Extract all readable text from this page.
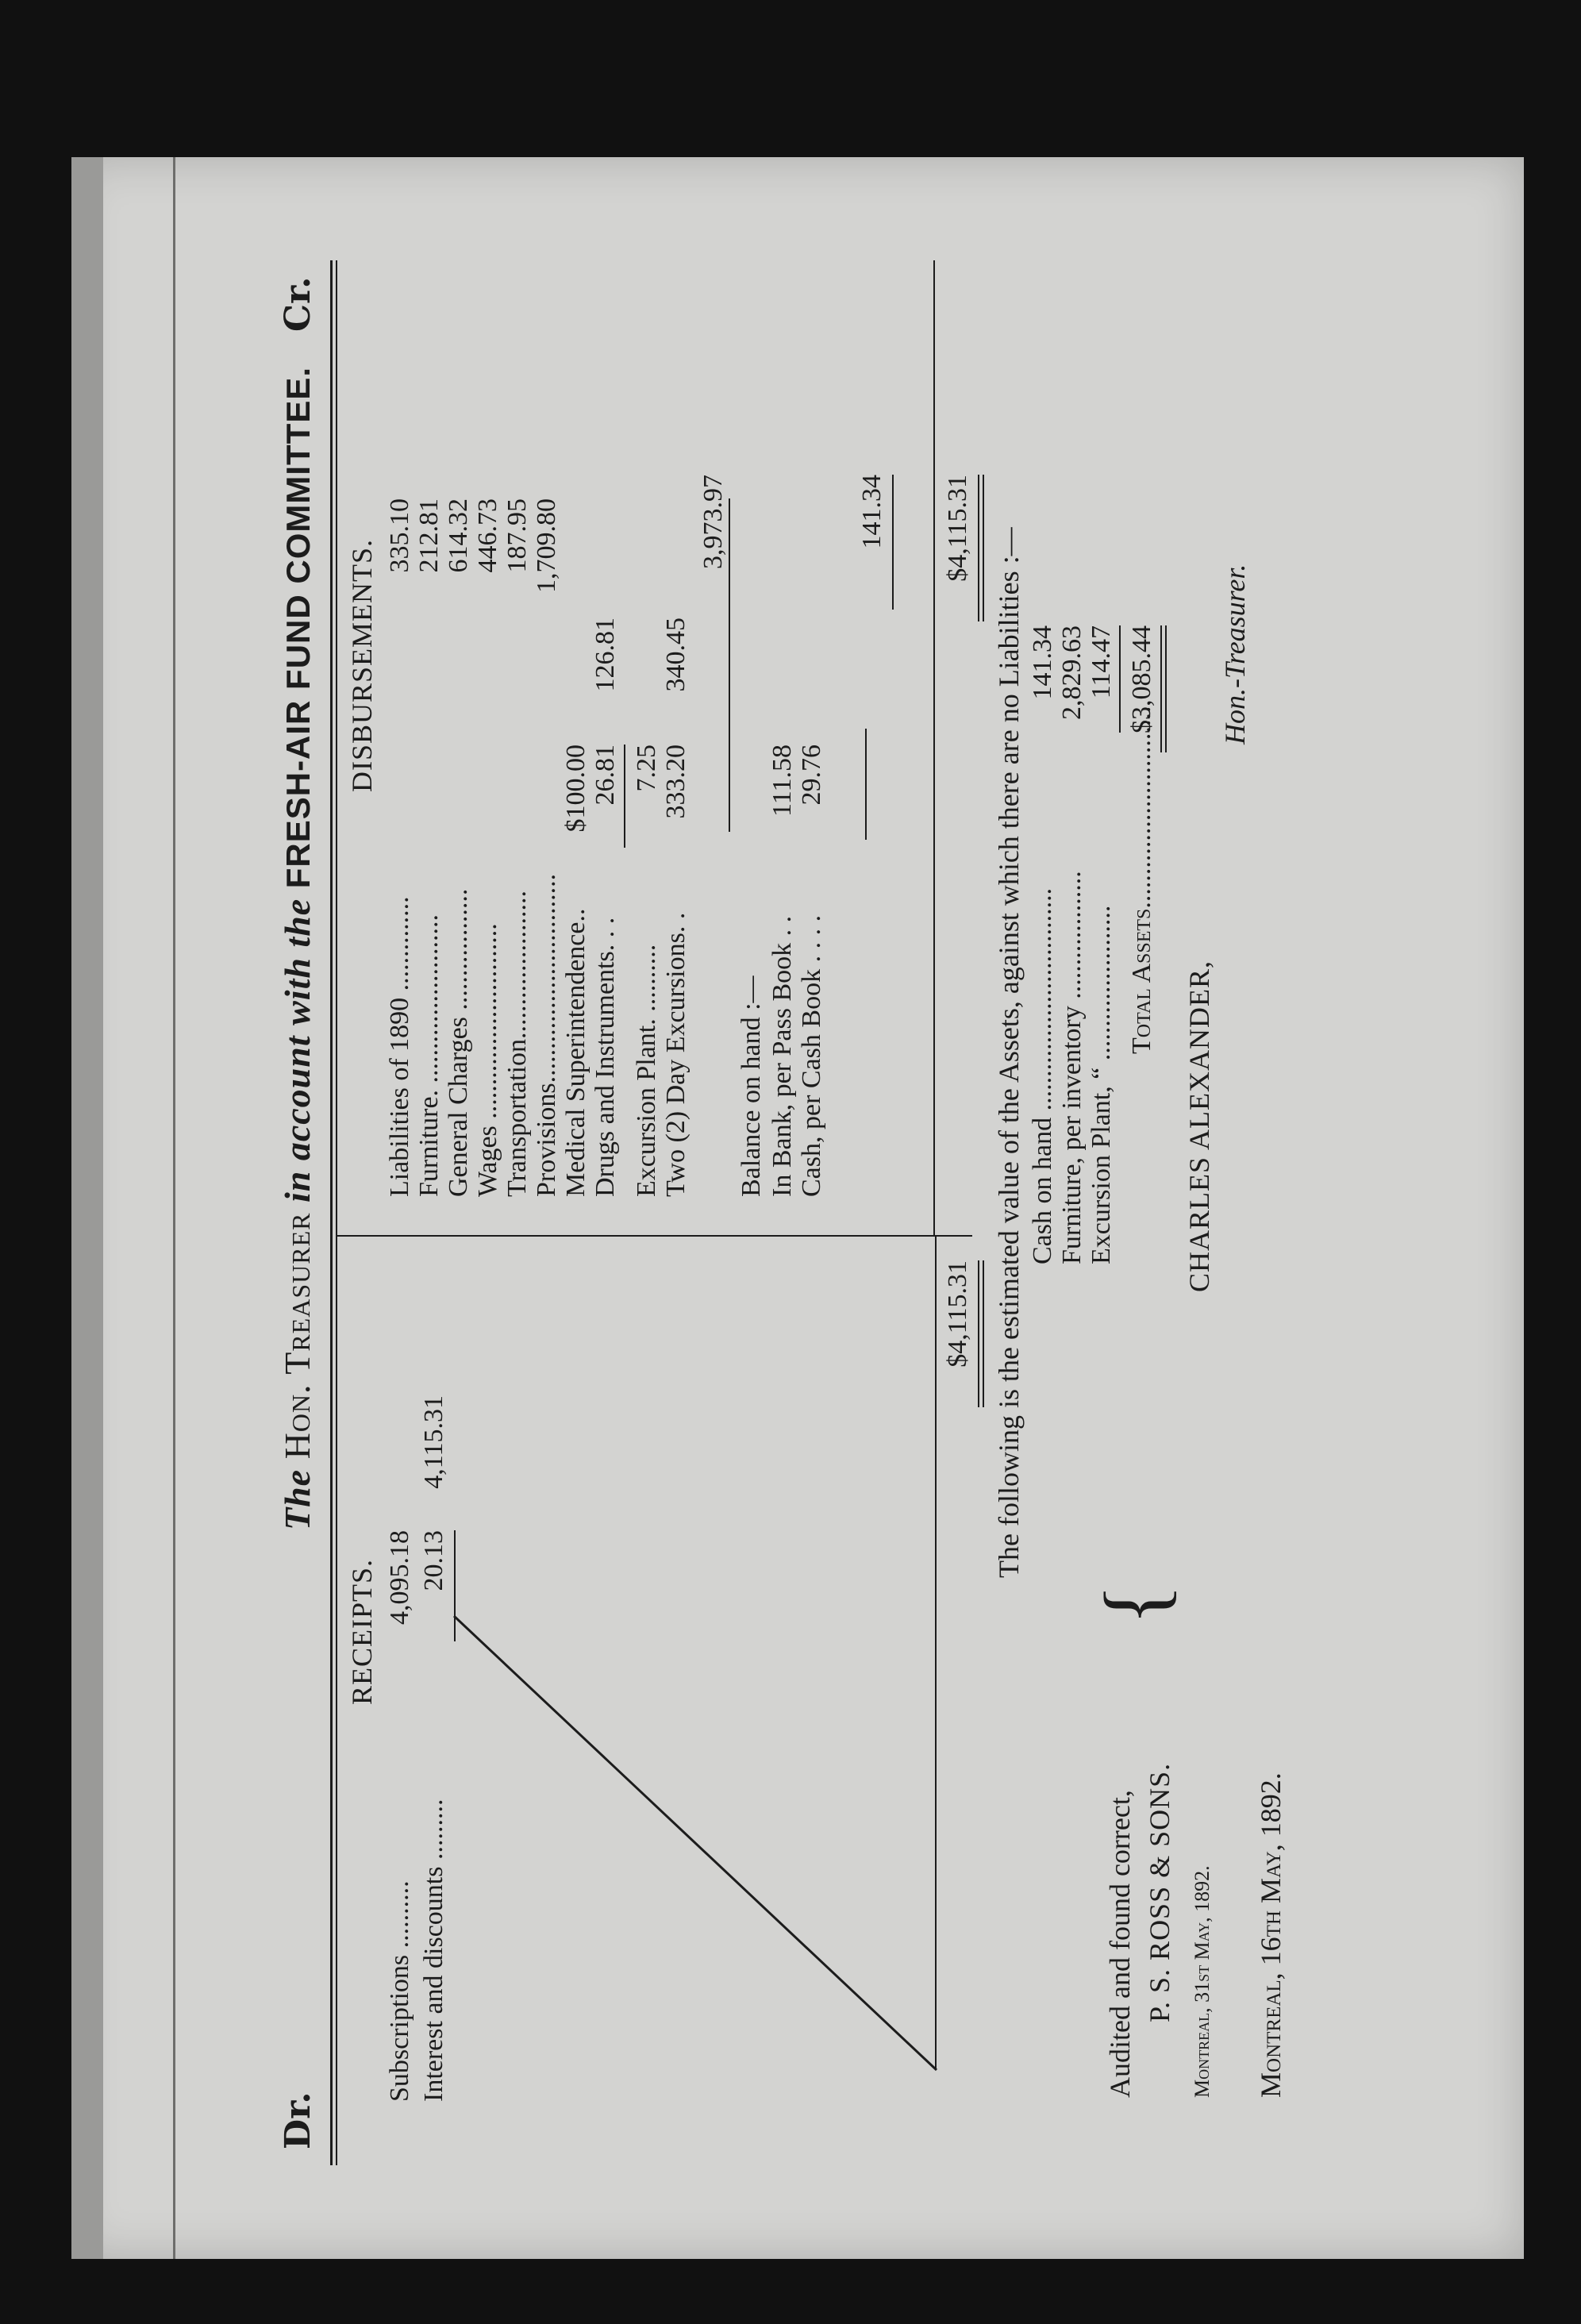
Dr.
The Hon. Treasurer in account with the FRESH-AIR FUND COMMITTEE.
Cr.
RECEIPTS.
Subscriptions ..........
4,095.18
Interest and discounts .........
20.13
4,115.31
$4,115.31
DISBURSEMENTS.
Liabilities of 1890 ..............
335.10
Furniture. .........................
212.81
General Charges ..................
614.32
Wages .............................
446.73
Transportation......................
187.95
Provisions...............................
1,709.80
Medical Superintendence..
$100.00
Drugs and Instruments. . .
26.81
126.81
Excursion Plant. ..........
7.25
Two (2) Day Excursions. .
333.20
340.45
3,973.97
Balance on hand :— In Bank, per Pass Book . .
111.58
Cash, per Cash Book . . . .
29.76
141.34 $4,115.31 The following is the estimated value of the Assets, against which there are no Liabilities :— Cash on hand .................................
141.34
Furniture, per inventory ...................
2,829.63
Excursion Plant, “ .......................
114.47
Total Assets..............................
$3,085.44
Audited and found correct,
{
P. S. ROSS & SONS. Montreal, 31st May, 1892.
CHARLES ALEXANDER,
Hon.-Treasurer.
Montreal, 16th May, 1892.
